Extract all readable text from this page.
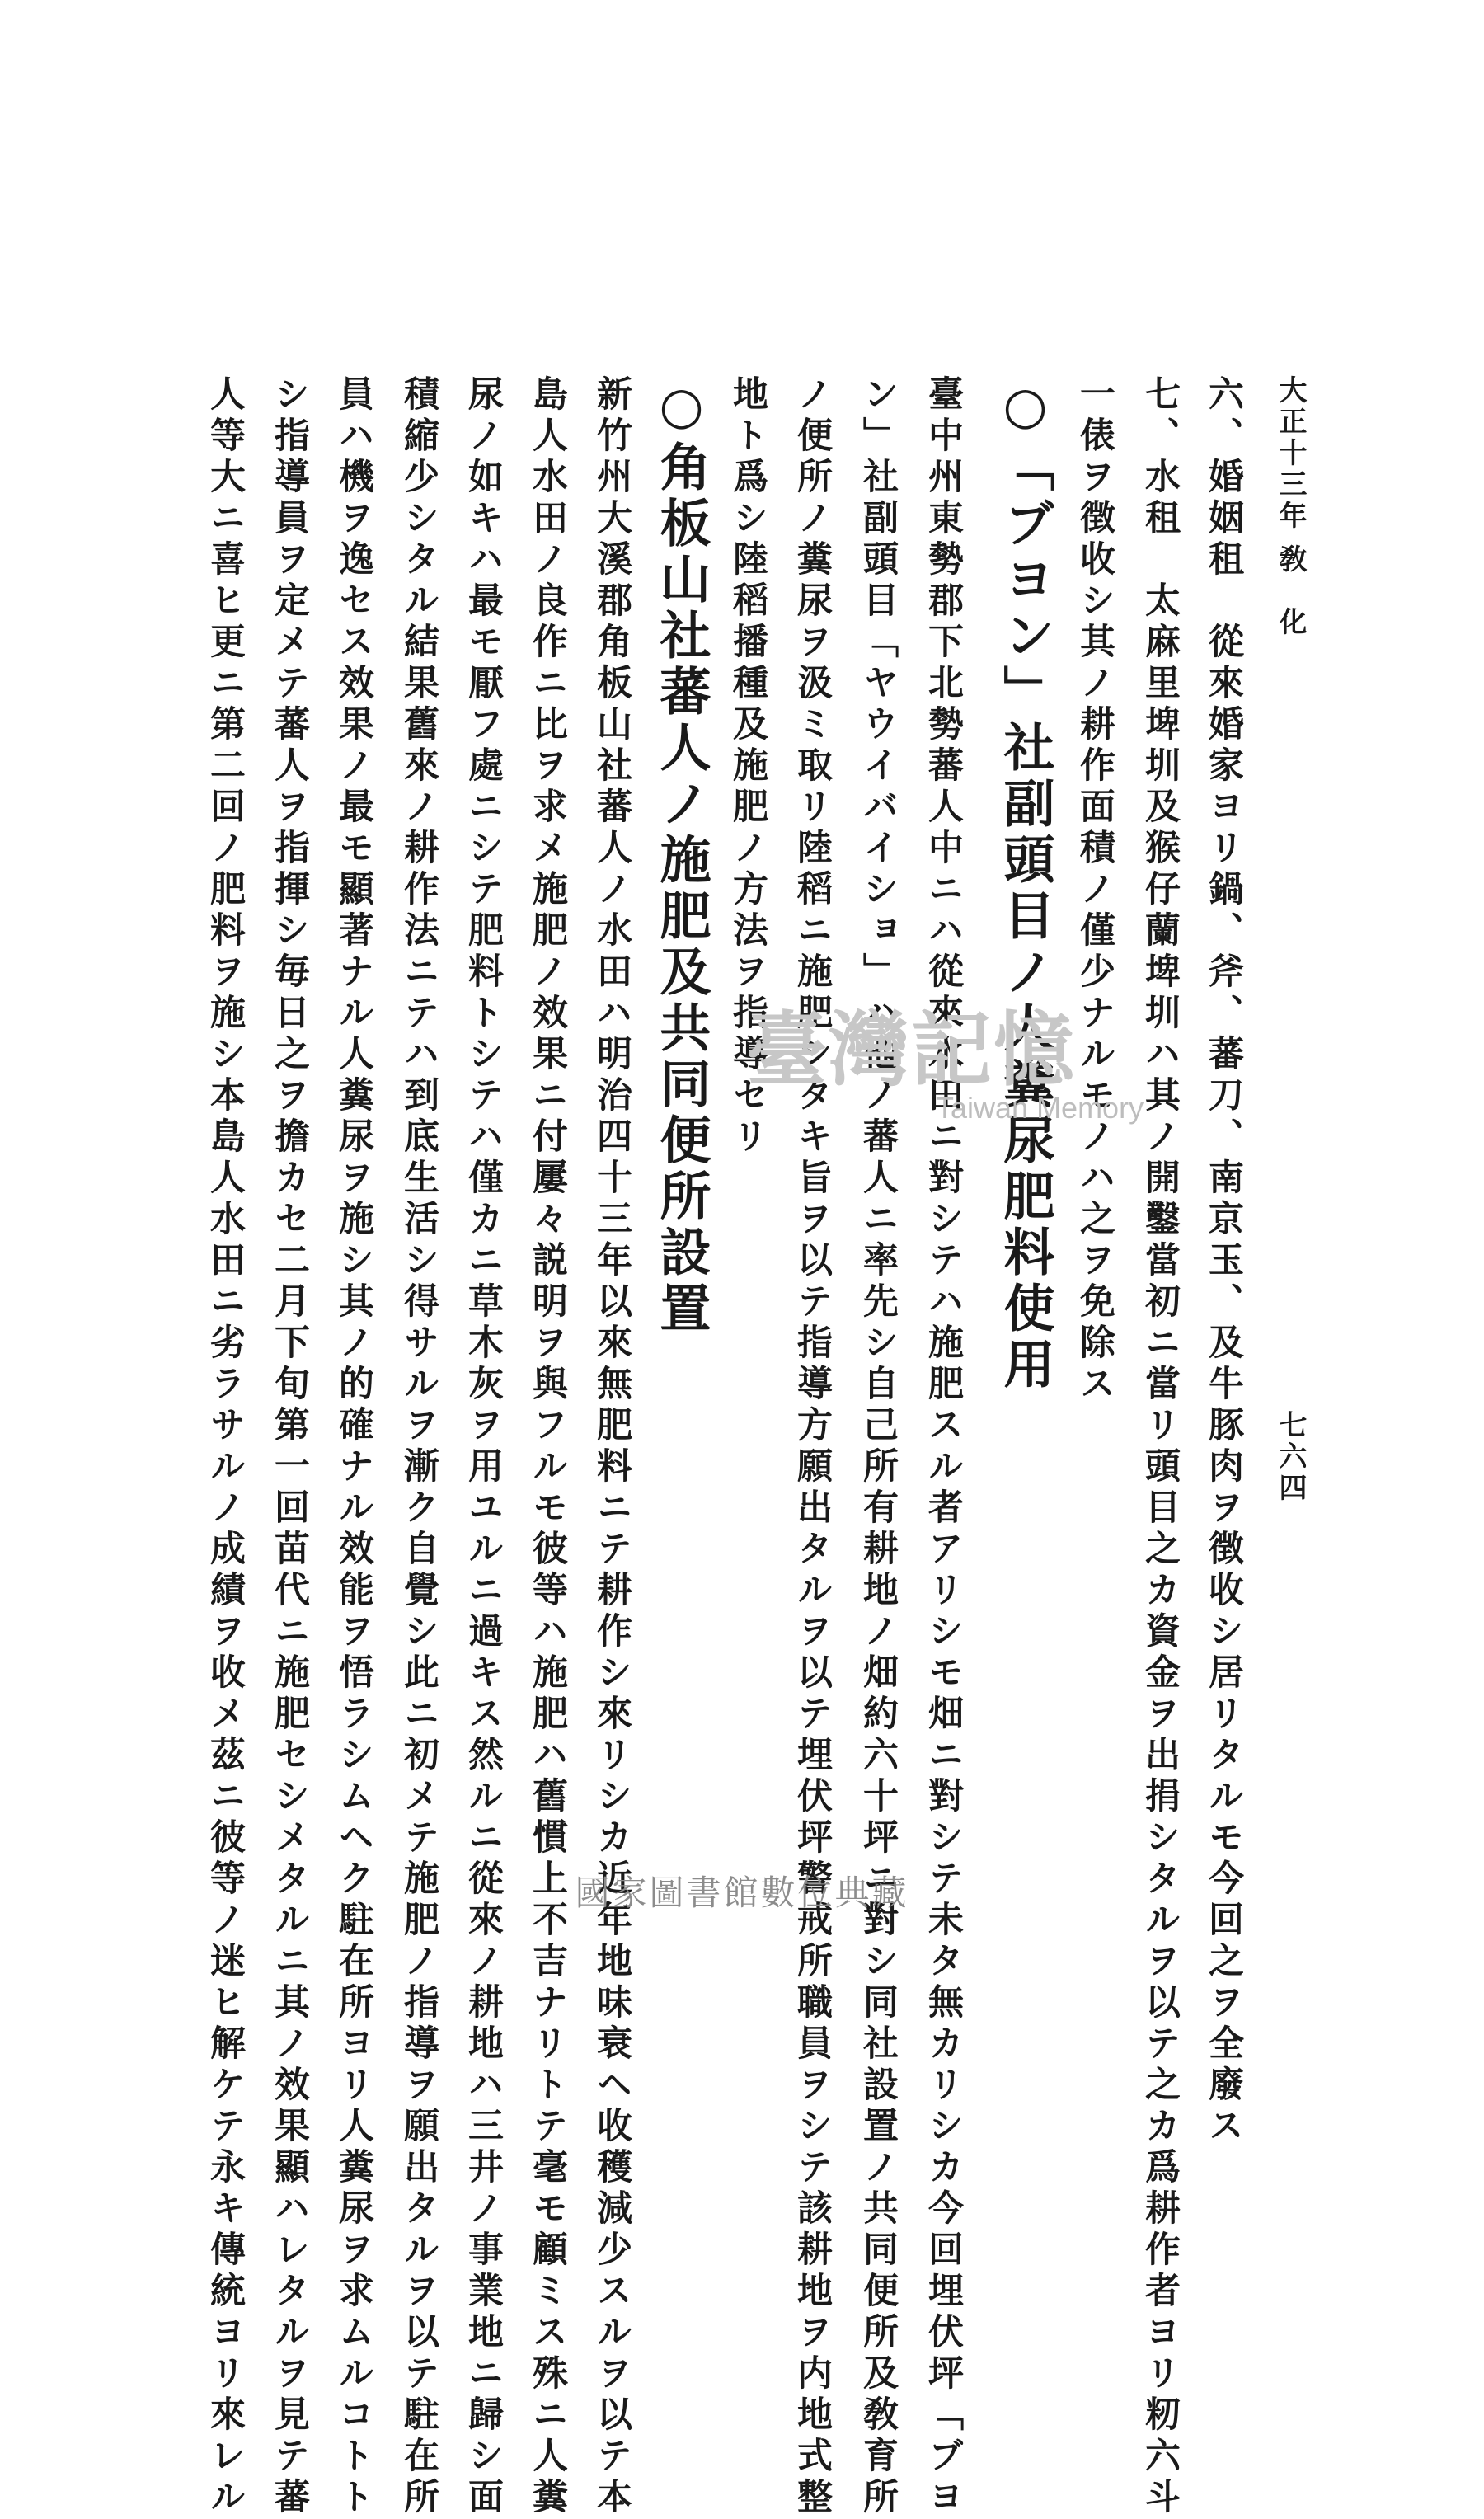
大正十三年
敎　化
七六四
六、婚姻租　從來婚家ヨリ鍋、斧、蕃刀、南京玉、及牛豚肉ヲ徴收シ居リタルモ今回之ヲ全廢ス
七、水租　太麻里埤圳及猴仔蘭埤圳ハ其ノ開鑿當初ニ當リ頭目之カ資金ヲ出捐シタルヲ以テ之カ爲耕作者ヨリ籾六斗
一俵ヲ徴收シ其ノ耕作面積ノ僅少ナルモノハ之ヲ免除ス
○「ブヨン」社副頭目ノ人糞尿肥料使用
臺中州東勢郡下北勢蕃人中ニハ從來水田ニ對シテハ施肥スル者アリシモ畑ニ對シテ未タ無カリシカ今回埋伏坪「ブヨ
ン」社副頭目「ヤウイバイショ」ハ他ノ蕃人ニ率先シ自己所有耕地ノ畑約六十坪ニ對シ同社設置ノ共同便所及敎育所
ノ便所ノ糞尿ヲ汲ミ取リ陸稻ニ施肥シタキ旨ヲ以テ指導方願出タルヲ以テ埋伏坪警戒所職員ヲシテ該耕地ヲ内地式整
地ト爲シ陸稻播種及施肥ノ方法ヲ指導セリ
○角板山社蕃人ノ施肥及共同便所設置
新竹州大溪郡角板山社蕃人ノ水田ハ明治四十三年以來無肥料ニテ耕作シ來リシカ近年地味衰ヘ收穫減少スルヲ以テ本
島人水田ノ良作ニ比ヲ求メ施肥ノ效果ニ付屢々説明ヲ與フルモ彼等ハ施肥ハ舊慣上不吉ナリトテ毫モ顧ミス殊ニ人糞
尿ノ如キハ最モ厭フ處ニシテ肥料トシテハ僅カニ草木灰ヲ用ユルニ過キス然ルニ從來ノ耕地ハ三井ノ事業地ニ歸シ面
積縮少シタル結果舊來ノ耕作法ニテハ到底生活シ得サルヲ漸ク自覺シ此ニ初メテ施肥ノ指導ヲ願出タルヲ以テ駐在所
員ハ機ヲ逸セス效果ノ最モ顯著ナル人糞尿ヲ施シ其ノ的確ナル效能ヲ悟ラシムヘク駐在所ヨリ人糞尿ヲ求ムルコトト
シ指導員ヲ定メテ蕃人ヲ指揮シ毎日之ヲ擔カセ二月下旬第一回苗代ニ施肥セシメタルニ其ノ效果顯ハレタルヲ見テ蕃
人等大ニ喜ヒ更ニ第二回ノ肥料ヲ施シ本島人水田ニ劣ラサルノ成績ヲ收メ茲ニ彼等ノ迷ヒ解ケテ永キ傳統ヨリ來レル	臺灣記憶
Taiwan Memory
國家圖書館數位典藏
